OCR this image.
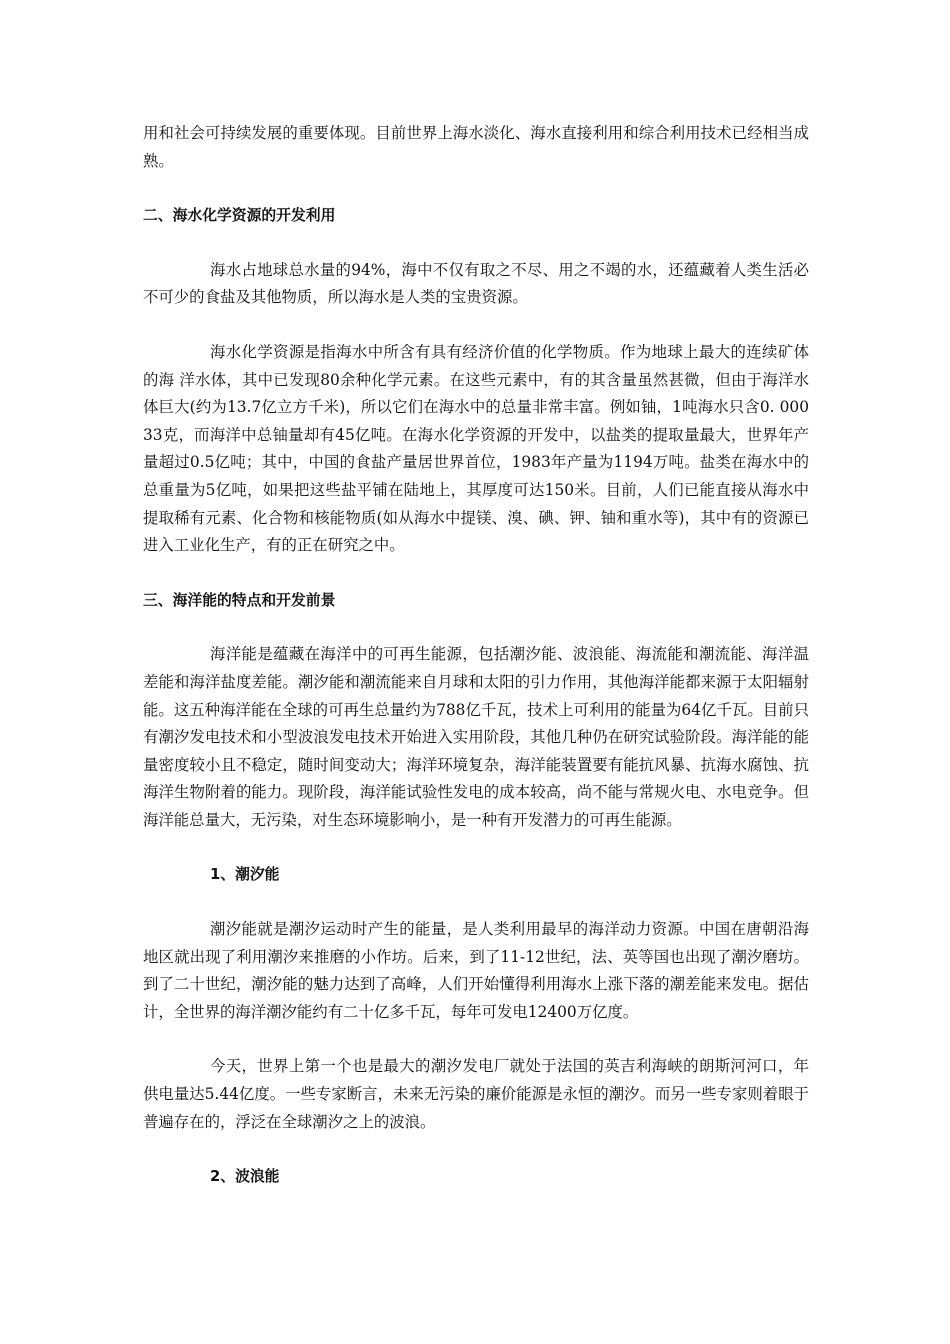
用和社会可持续发展的重要体现。目前世界上海水淡化、海水直接利用和综合利用技术已经相当成熟。

二、海水化学资源的开发利用

海水占地球总水量的94%，海中不仅有取之不尽、用之不竭的水，还蕴藏着人类生活必不可少的食盐及其他物质，所以海水是人类的宝贵资源。

海水化学资源是指海水中所含有具有经济价值的化学物质。作为地球上最大的连续矿体的海 洋水体，其中已发现80余种化学元素。在这些元素中，有的其含量虽然甚微，但由于海洋水体巨大(约为13.7亿立方千米)，所以它们在海水中的总量非常丰富。例如铀，1吨海水只含0. 00033克，而海洋中总铀量却有45亿吨。在海水化学资源的开发中，以盐类的提取量最大，世界年产量超过0.5亿吨；其中，中国的食盐产量居世界首位，1983年产量为1194万吨。盐类在海水中的总重量为5亿吨，如果把这些盐平铺在陆地上，其厚度可达150米。目前，人们已能直接从海水中提取稀有元素、化合物和核能物质(如从海水中提镁、溴、碘、钾、铀和重水等)，其中有的资源已进入工业化生产，有的正在研究之中。

三、海洋能的特点和开发前景

海洋能是蕴藏在海洋中的可再生能源，包括潮汐能、波浪能、海流能和潮流能、海洋温差能和海洋盐度差能。潮汐能和潮流能来自月球和太阳的引力作用，其他海洋能都来源于太阳辐射能。这五种海洋能在全球的可再生总量约为788亿千瓦，技术上可利用的能量为64亿千瓦。目前只有潮汐发电技术和小型波浪发电技术开始进入实用阶段，其他几种仍在研究试验阶段。海洋能的能量密度较小且不稳定，随时间变动大；海洋环境复杂，海洋能装置要有能抗风暴、抗海水腐蚀、抗海洋生物附着的能力。现阶段，海洋能试验性发电的成本较高，尚不能与常规火电、水电竞争。但海洋能总量大，无污染，对生态环境影响小，是一种有开发潜力的可再生能源。

1、潮汐能

潮汐能就是潮汐运动时产生的能量，是人类利用最早的海洋动力资源。中国在唐朝沿海地区就出现了利用潮汐来推磨的小作坊。后来，到了11-12世纪，法、英等国也出现了潮汐磨坊。到了二十世纪，潮汐能的魅力达到了高峰，人们开始懂得利用海水上涨下落的潮差能来发电。据估计，全世界的海洋潮汐能约有二十亿多千瓦，每年可发电12400万亿度。

今天，世界上第一个也是最大的潮汐发电厂就处于法国的英吉利海峡的朗斯河河口，年供电量达5.44亿度。一些专家断言，未来无污染的廉价能源是永恒的潮汐。而另一些专家则着眼于普遍存在的，浮泛在全球潮汐之上的波浪。

2、波浪能
